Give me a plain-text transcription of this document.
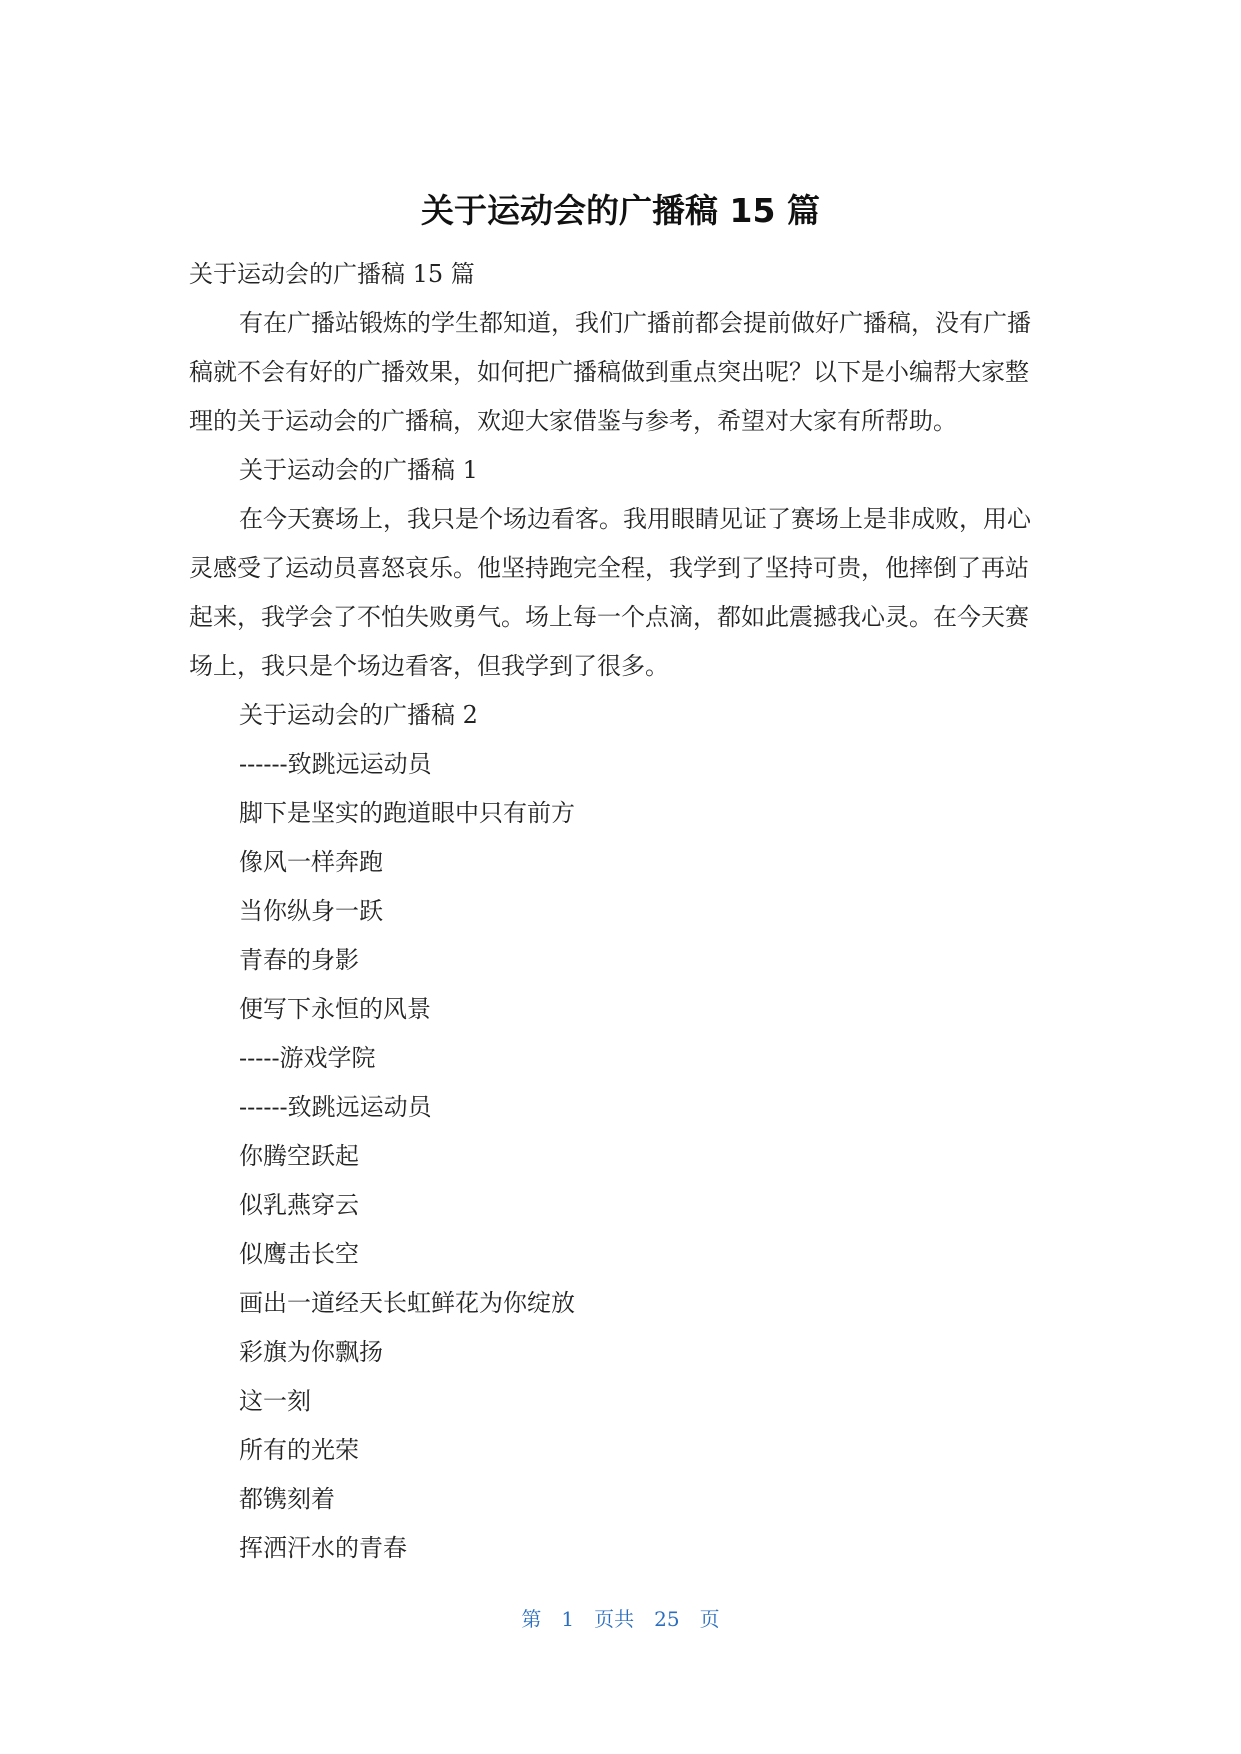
关于运动会的广播稿 15 篇

关于运动会的广播稿 15 篇

有在广播站锻炼的学生都知道，我们广播前都会提前做好广播稿，没有广播稿就不会有好的广播效果，如何把广播稿做到重点突出呢？以下是小编帮大家整理的关于运动会的广播稿，欢迎大家借鉴与参考，希望对大家有所帮助。

关于运动会的广播稿 1

在今天赛场上，我只是个场边看客。我用眼睛见证了赛场上是非成败，用心灵感受了运动员喜怒哀乐。他坚持跑完全程，我学到了坚持可贵，他摔倒了再站起来，我学会了不怕失败勇气。场上每一个点滴，都如此震撼我心灵。在今天赛场上，我只是个场边看客，但我学到了很多。

关于运动会的广播稿 2

------致跳远运动员

脚下是坚实的跑道眼中只有前方

像风一样奔跑

当你纵身一跃

青春的身影

便写下永恒的风景

-----游戏学院

------致跳远运动员

你腾空跃起

似乳燕穿云

似鹰击长空

画出一道经天长虹鲜花为你绽放

彩旗为你飘扬

这一刻

所有的光荣

都镌刻着

挥洒汗水的青春

第 1 页共 25 页
